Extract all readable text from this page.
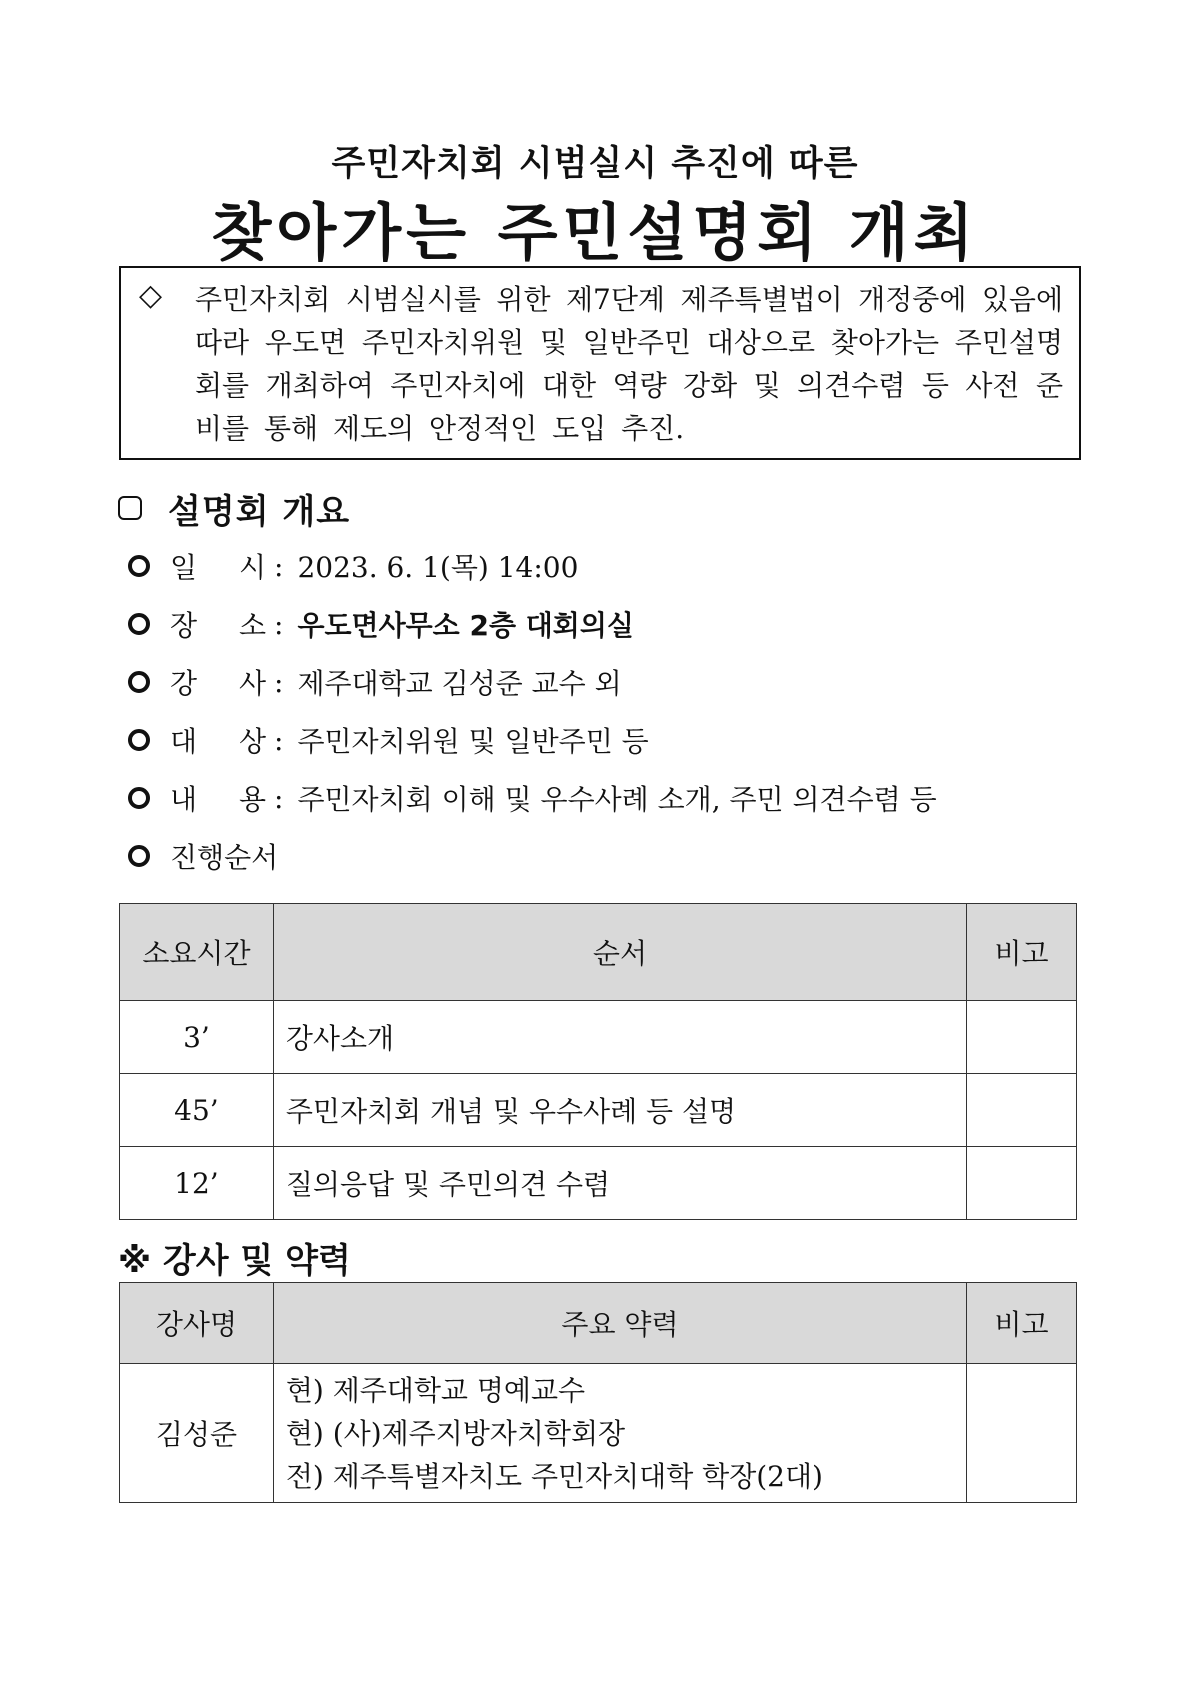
주민자치회 시범실시 추진에 따른
찾아가는 주민설명회 개최
◇ 주민자치회 시범실시를 위한 제7단계 제주특별법이 개정중에 있음에 따라 우도면 주민자치위원 및 일반주민 대상으로 찾아가는 주민설명회를 개최하여 주민자치에 대한 역량 강화 및 의견수렴 등 사전 준비를 통해 제도의 안정적인 도입 추진.
설명회 개요
일 시 : 2023. 6. 1(목) 14:00
장 소 : 우도면사무소 2층 대회의실
강 사 : 제주대학교 김성준 교수 외
대 상 : 주민자치위원 및 일반주민 등
내 용 : 주민자치회 이해 및 우수사례 소개, 주민 의견수렴 등
진행순서
소요시간	순서	비고
3’	강사소개	
45’	주민자치회 개념 및 우수사례 등 설명	
12’	질의응답 및 주민의견 수렴	
※ 강사 및 약력
강사명	주요 약력	비고
김성준	현) 제주대학교 명예교수
현) (사)제주지방자치학회장
전) 제주특별자치도 주민자치대학 학장(2대)	
